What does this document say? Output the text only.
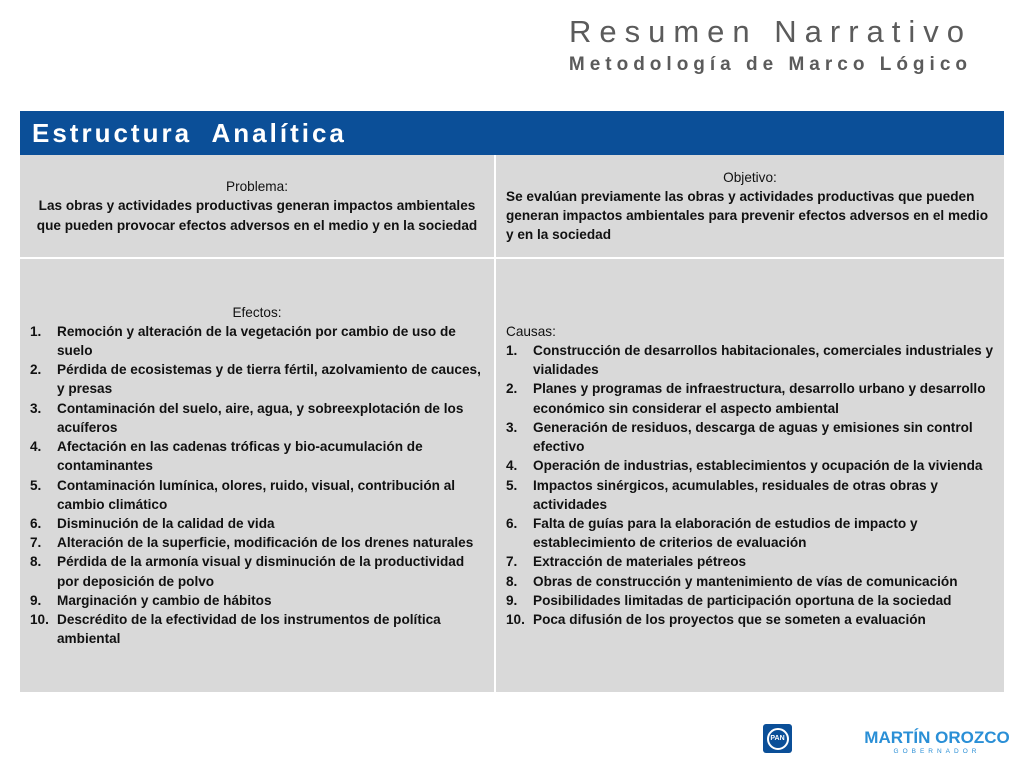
Resumen Narrativo
Metodología de Marco Lógico
Estructura  Analítica
Problema:
Las obras y actividades productivas generan impactos ambientales que pueden provocar efectos adversos en el medio y en la sociedad
Objetivo:
Se evalúan previamente las obras y actividades productivas que pueden generan impactos ambientales para prevenir efectos adversos en el medio y en la sociedad
Efectos:
1. Remoción y alteración de la vegetación por cambio de uso de suelo
2. Pérdida de ecosistemas y de tierra fértil, azolvamiento de cauces, y presas
3. Contaminación del suelo, aire, agua, y sobreexplotación de los acuíferos
4. Afectación en las cadenas tróficas y bio-acumulación de contaminantes
5. Contaminación lumínica, olores, ruido, visual, contribución al cambio climático
6. Disminución de la calidad de vida
7. Alteración de la superficie, modificación de los drenes naturales
8. Pérdida de la armonía visual y disminución de la productividad por deposición de polvo
9. Marginación y cambio de hábitos
10. Descrédito de la efectividad de los instrumentos de política ambiental
Causas:
1. Construcción de desarrollos habitacionales, comerciales industriales y vialidades
2. Planes y programas de infraestructura, desarrollo urbano y desarrollo económico sin considerar el aspecto ambiental
3. Generación de residuos, descarga de aguas y emisiones sin control efectivo
4. Operación de industrias, establecimientos y ocupación de la vivienda
5. Impactos sinérgicos, acumulables, residuales de otras obras y actividades
6. Falta de guías para la elaboración de estudios de impacto y establecimiento de criterios de evaluación
7. Extracción de materiales pétreos
8. Obras de construcción y mantenimiento de vías de comunicación
9. Posibilidades limitadas de participación oportuna de la sociedad
10. Poca difusión de los proyectos que se someten a evaluación
PAN	MARTÍN OROZCO
GOBERNADOR
